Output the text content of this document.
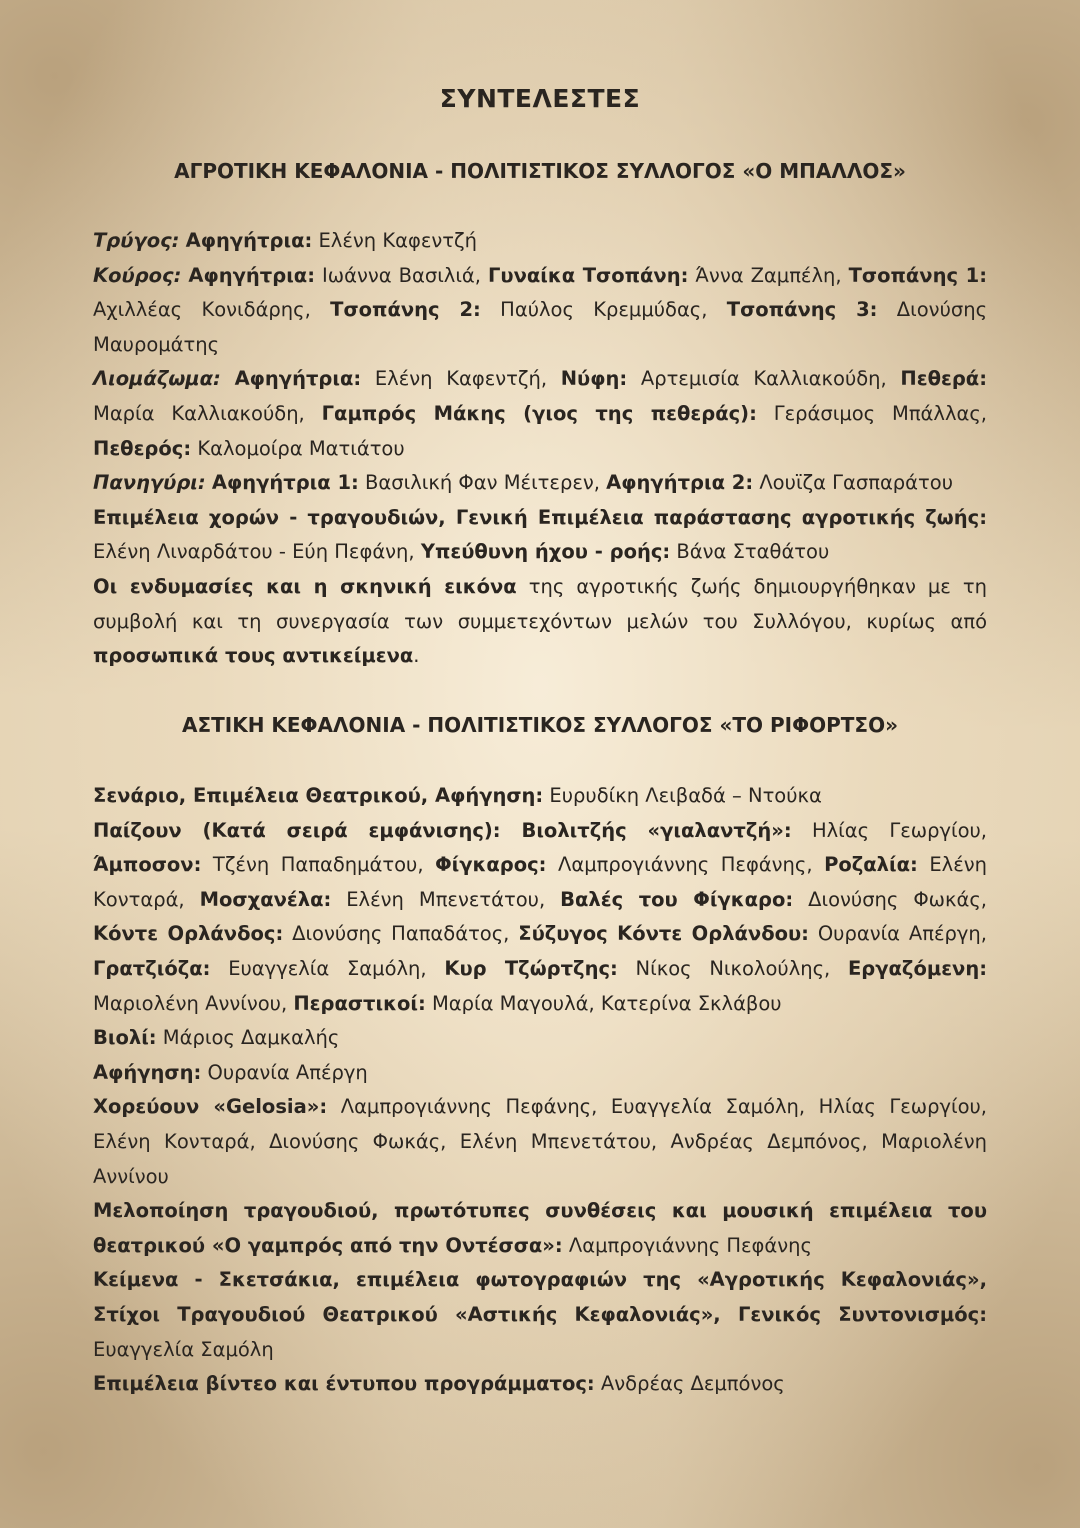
ΣΥΝΤΕΛΕΣΤΕΣ
ΑΓΡΟΤΙΚΗ ΚΕΦΑΛΟΝΙΑ - ΠΟΛΙΤΙΣΤΙΚΟΣ ΣΥΛΛΟΓΟΣ «Ο ΜΠΑΛΛΟΣ»

Τρύγος: Αφηγήτρια: Ελένη Καφεντζή

Κούρος: Αφηγήτρια: Ιωάννα Βασιλιά, Γυναίκα Τσοπάνη: Άννα Ζαμπέλη, Τσοπάνης 1: Αχιλλέας Κονιδάρης, Τσοπάνης 2: Παύλος Κρεμμύδας, Τσοπάνης 3: Διονύσης Μαυρομάτης

Λιομάζωμα: Αφηγήτρια: Ελένη Καφεντζή, Νύφη: Αρτεμισία Καλλιακούδη, Πεθερά: Μαρία Καλλιακούδη, Γαμπρός Μάκης (γιος της πεθεράς): Γεράσιμος Μπάλλας, Πεθερός: Καλομοίρα Ματιάτου

Πανηγύρι: Αφηγήτρια 1: Βασιλική Φαν Μέιτερεν, Αφηγήτρια 2: Λουϊζα Γασπαράτου

Επιμέλεια χορών - τραγουδιών, Γενική Επιμέλεια παράστασης αγροτικής ζωής: Ελένη Λιναρδάτου - Εύη Πεφάνη, Υπεύθυνη ήχου - ροής: Βάνα Σταθάτου

Οι ενδυμασίες και η σκηνική εικόνα της αγροτικής ζωής δημιουργήθηκαν με τη συμβολή και τη συνεργασία των συμμετεχόντων μελών του Συλλόγου, κυρίως από προσωπικά τους αντικείμενα.

ΑΣΤΙΚΗ ΚΕΦΑΛΟΝΙΑ - ΠΟΛΙΤΙΣΤΙΚΟΣ ΣΥΛΛΟΓΟΣ «ΤΟ ΡΙΦΟΡΤΣΟ»

Σενάριο, Επιμέλεια Θεατρικού, Αφήγηση: Ευρυδίκη Λειβαδά – Ντούκα

Παίζουν (Κατά σειρά εμφάνισης): Βιολιτζής «γιαλαντζή»: Ηλίας Γεωργίου, Άμποσον: Τζένη Παπαδημάτου, Φίγκαρος: Λαμπρογιάννης Πεφάνης, Ροζαλία: Ελένη Κονταρά, Μοσχανέλα: Ελένη Μπενετάτου, Βαλές του Φίγκαρο: Διονύσης Φωκάς, Κόντε Ορλάνδος: Διονύσης Παπαδάτος, Σύζυγος Κόντε Ορλάνδου: Ουρανία Απέργη, Γρατζιόζα: Ευαγγελία Σαμόλη, Κυρ Τζώρτζης: Νίκος Νικολούλης, Εργαζόμενη: Μαριολένη Αννίνου, Περαστικοί: Μαρία Μαγουλά, Κατερίνα Σκλάβου

Βιολί: Μάριος Δαμκαλής

Αφήγηση: Ουρανία Απέργη

Χορεύουν «Gelosia»: Λαμπρογιάννης Πεφάνης, Ευαγγελία Σαμόλη, Ηλίας Γεωργίου, Ελένη Κονταρά, Διονύσης Φωκάς, Ελένη Μπενετάτου, Ανδρέας Δεμπόνος, Μαριολένη Αννίνου

Μελοποίηση τραγουδιού, πρωτότυπες συνθέσεις και μουσική επιμέλεια του θεατρικού «Ο γαμπρός από την Οντέσσα»: Λαμπρογιάννης Πεφάνης

Κείμενα - Σκετσάκια, επιμέλεια φωτογραφιών της «Αγροτικής Κεφαλονιάς», Στίχοι Τραγουδιού Θεατρικού «Αστικής Κεφαλονιάς», Γενικός Συντονισμός: Ευαγγελία Σαμόλη

Επιμέλεια βίντεο και έντυπου προγράμματος: Ανδρέας Δεμπόνος
